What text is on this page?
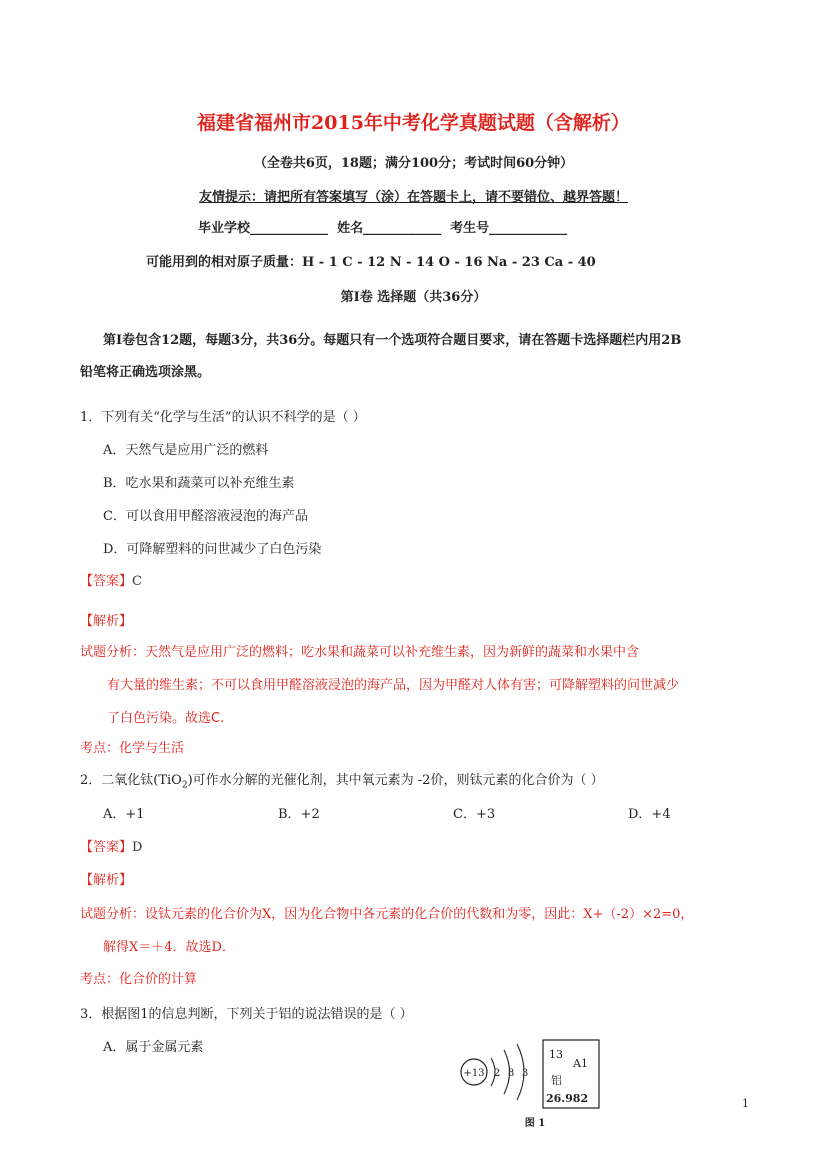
福建省福州市2015年中考化学真题试题（含解析）
（全卷共6页，18题；满分100分；考试时间60分钟）
友情提示：请把所有答案填写（涂）在答题卡上，请不要错位、越界答题！
毕业学校____________ 姓名____________ 考生号____________
可能用到的相对原子质量：H - 1 C - 12 N - 14 O - 16 Na - 23 Ca - 40
第Ⅰ卷 选择题（共36分）
第Ⅰ卷包含12题，每题3分，共36分。每题只有一个选项符合题目要求，请在答题卡选择题栏内用2B
铅笔将正确选项涂黑。
1．下列有关“化学与生活”的认识不科学的是（ ）
A．天然气是应用广泛的燃料
B．吃水果和蔬菜可以补充维生素
C．可以食用甲醛溶液浸泡的海产品
D．可降解塑料的问世减少了白色污染
【答案】C
【解析】
试题分析：天然气是应用广泛的燃料；吃水果和蔬菜可以补充维生素，因为新鲜的蔬菜和水果中含
有大量的维生素；不可以食用甲醛溶液浸泡的海产品，因为甲醛对人体有害；可降解塑料的问世减少
了白色污染。故选C.
考点：化学与生活
2．二氧化钛(TiO$_2$)可作水分解的光催化剂，其中氧元素为 -2价，则钛元素的化合价为（ ）
A．+1	B．+2	C．+3	D．+4
【答案】D
【解析】
试题分析：设钛元素的化合价为X，因为化合物中各元素的化合价的代数和为零，因此：X+（-2）×2=0，
解得X＝＋4．故选D．
考点：化合价的计算
3．根据图1的信息判断，下列关于铝的说法错误的是（ ）
A．属于金属元素
+13 2 8 3
13
A1
铝
26.982
图 1
1
